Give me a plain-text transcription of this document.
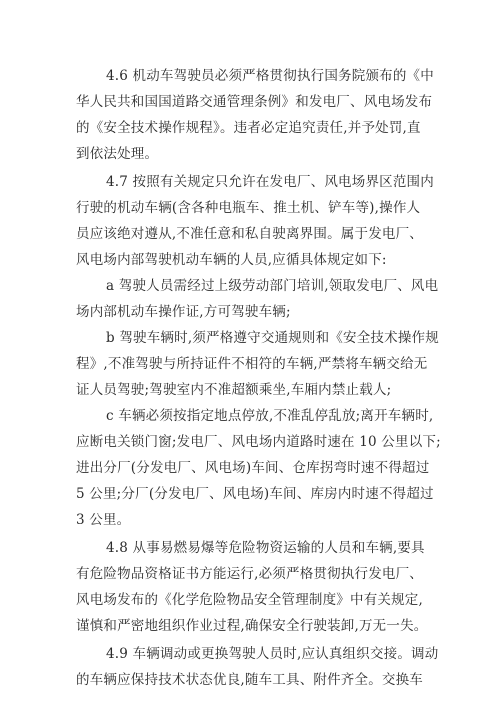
4.6 机动车驾驶员必须严格贯彻执行国务院颁布的《中
华人民共和国国道路交通管理条例》和发电厂、风电场发布
的《安全技术操作规程》。违者必定追究责任,并予处罚,直
到依法处理。
4.7 按照有关规定只允许在发电厂、风电场界区范围内
行驶的机动车辆(含各种电瓶车、推土机、铲车等),操作人
员应该绝对遵从,不准任意和私自驶离界围。属于发电厂、
风电场内部驾驶机动车辆的人员,应循具体规定如下:
a 驾驶人员需经过上级劳动部门培训,领取发电厂、风电
场内部机动车操作证,方可驾驶车辆;
b 驾驶车辆时,须严格遵守交通规则和《安全技术操作规
程》,不准驾驶与所持证件不相符的车辆,严禁将车辆交给无
证人员驾驶;驾驶室内不准超额乘坐,车厢内禁止载人;
c 车辆必须按指定地点停放,不准乱停乱放;离开车辆时,
应断电关锁门窗;发电厂、风电场内道路时速在 10 公里以下;
进出分厂(分发电厂、风电场)车间、仓库拐弯时速不得超过
5 公里;分厂(分发电厂、风电场)车间、库房内时速不得超过
3 公里。
4.8 从事易燃易爆等危险物资运输的人员和车辆,要具
有危险物品资格证书方能运行,必须严格贯彻执行发电厂、
风电场发布的《化学危险物品安全管理制度》中有关规定,
谨慎和严密地组织作业过程,确保安全行驶装卸,万无一失。
4.9 车辆调动或更换驾驶人员时,应认真组织交接。调动
的车辆应保持技术状态优良,随车工具、附件齐全。交换车
